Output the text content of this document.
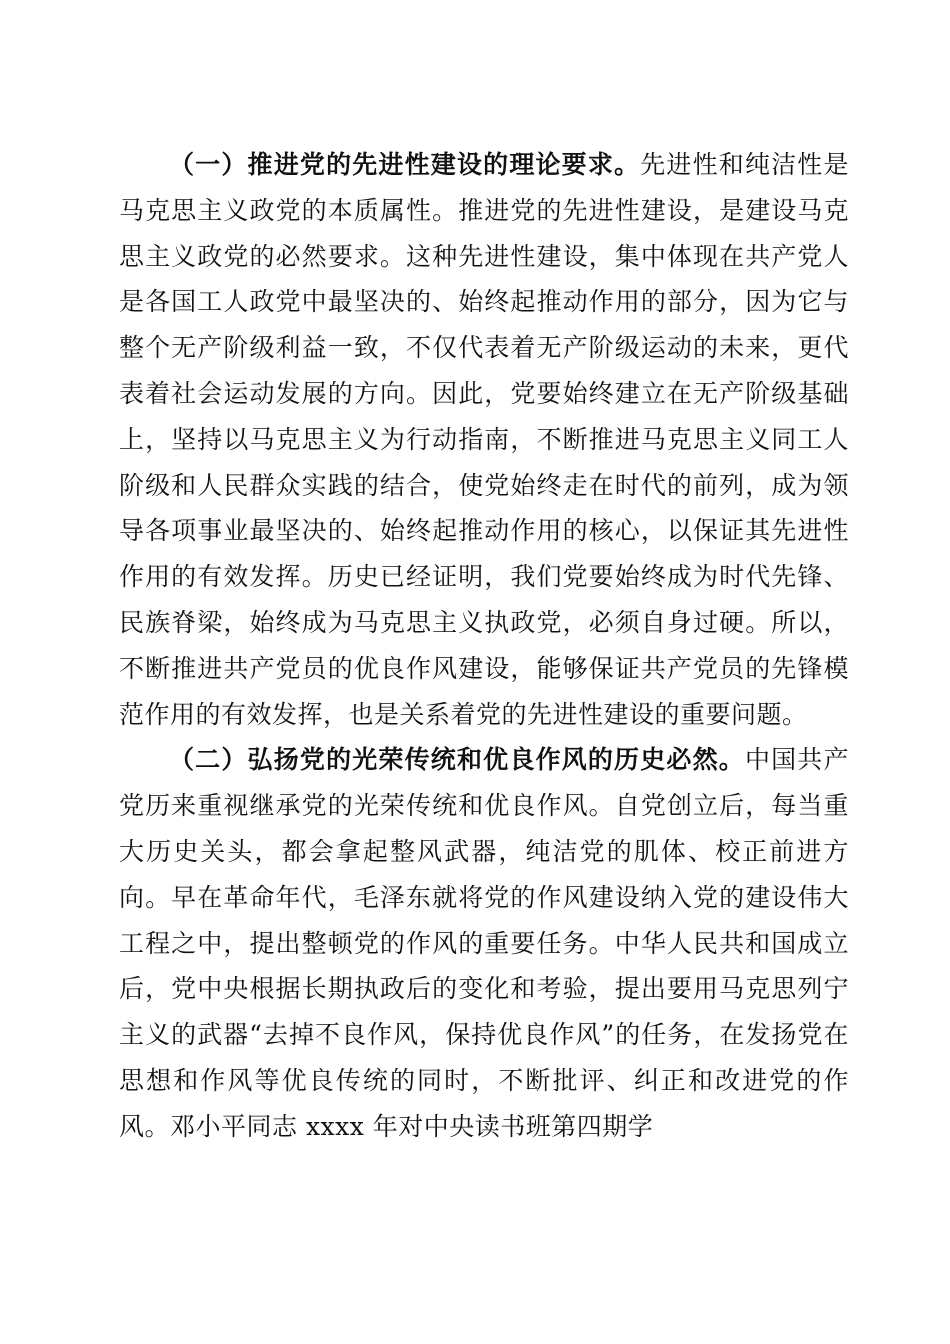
（一）推进党的先进性建设的理论要求。先进性和纯洁性是马克思主义政党的本质属性。推进党的先进性建设，是建设马克思主义政党的必然要求。这种先进性建设，集中体现在共产党人是各国工人政党中最坚决的、始终起推动作用的部分，因为它与整个无产阶级利益一致，不仅代表着无产阶级运动的未来，更代表着社会运动发展的方向。因此，党要始终建立在无产阶级基础上，坚持以马克思主义为行动指南，不断推进马克思主义同工人阶级和人民群众实践的结合，使党始终走在时代的前列，成为领导各项事业最坚决的、始终起推动作用的核心，以保证其先进性作用的有效发挥。历史已经证明，我们党要始终成为时代先锋、民族脊梁，始终成为马克思主义执政党，必须自身过硬。所以，不断推进共产党员的优良作风建设，能够保证共产党员的先锋模范作用的有效发挥，也是关系着党的先进性建设的重要问题。

（二）弘扬党的光荣传统和优良作风的历史必然。中国共产党历来重视继承党的光荣传统和优良作风。自党创立后，每当重大历史关头，都会拿起整风武器，纯洁党的肌体、校正前进方向。早在革命年代，毛泽东就将党的作风建设纳入党的建设伟大工程之中，提出整顿党的作风的重要任务。中华人民共和国成立后，党中央根据长期执政后的变化和考验，提出要用马克思列宁主义的武器“去掉不良作风，保持优良作风”的任务，在发扬党在思想和作风等优良传统的同时，不断批评、纠正和改进党的作风。邓小平同志 xxxx 年对中央读书班第四期学
